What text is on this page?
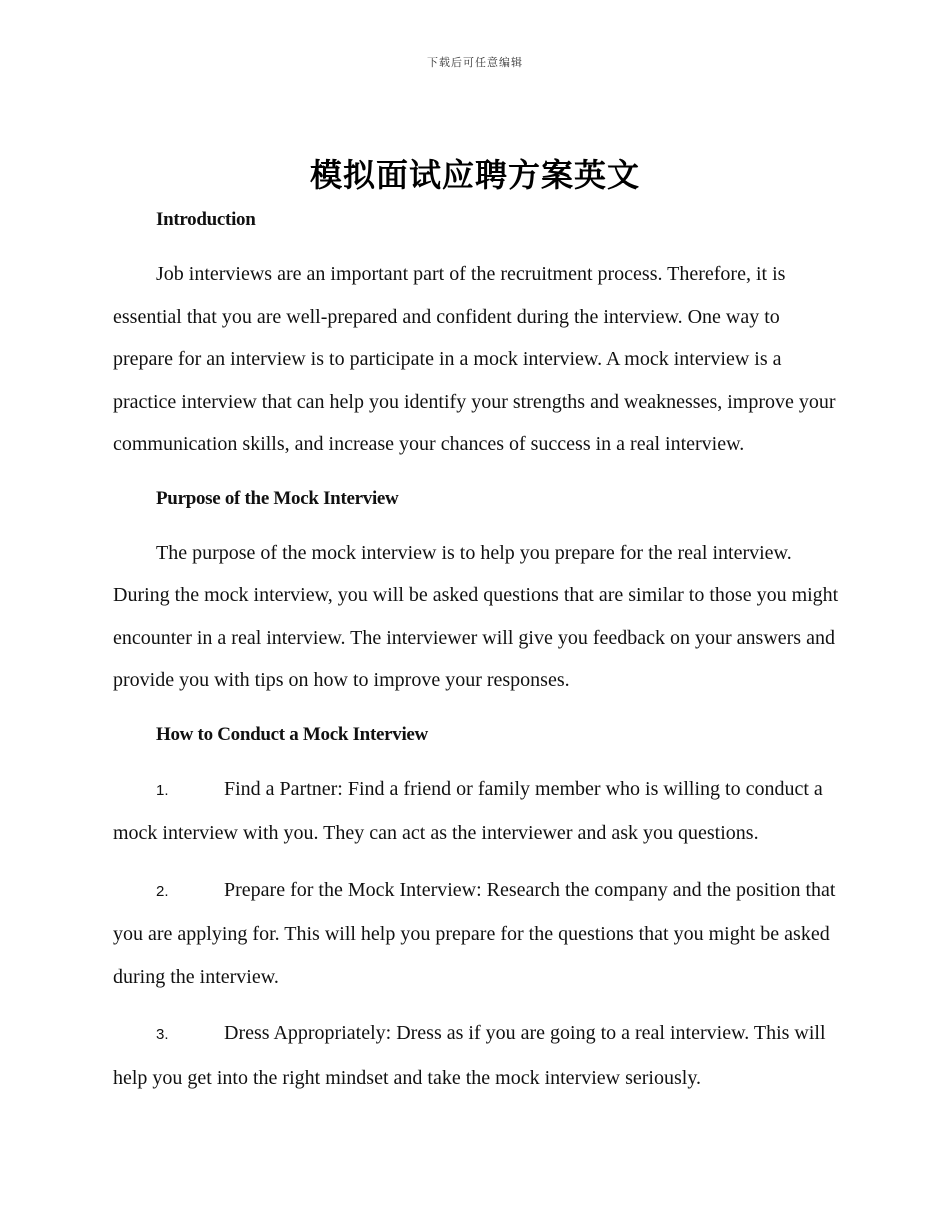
下载后可任意编辑
模拟面试应聘方案英文
Introduction

Job interviews are an important part of the recruitment process. Therefore, it is essential that you are well-prepared and confident during the interview. One way to prepare for an interview is to participate in a mock interview. A mock interview is a practice interview that can help you identify your strengths and weaknesses, improve your communication skills, and increase your chances of success in a real interview.

Purpose of the Mock Interview

The purpose of the mock interview is to help you prepare for the real interview. During the mock interview, you will be asked questions that are similar to those you might encounter in a real interview. The interviewer will give you feedback on your answers and provide you with tips on how to improve your responses.

How to Conduct a Mock Interview

1.	Find a Partner: Find a friend or family member who is willing to conduct a mock interview with you. They can act as the interviewer and ask you questions.

2.	Prepare for the Mock Interview: Research the company and the position that you are applying for. This will help you prepare for the questions that you might be asked during the interview.

3.	Dress Appropriately: Dress as if you are going to a real interview. This will help you get into the right mindset and take the mock interview seriously.
